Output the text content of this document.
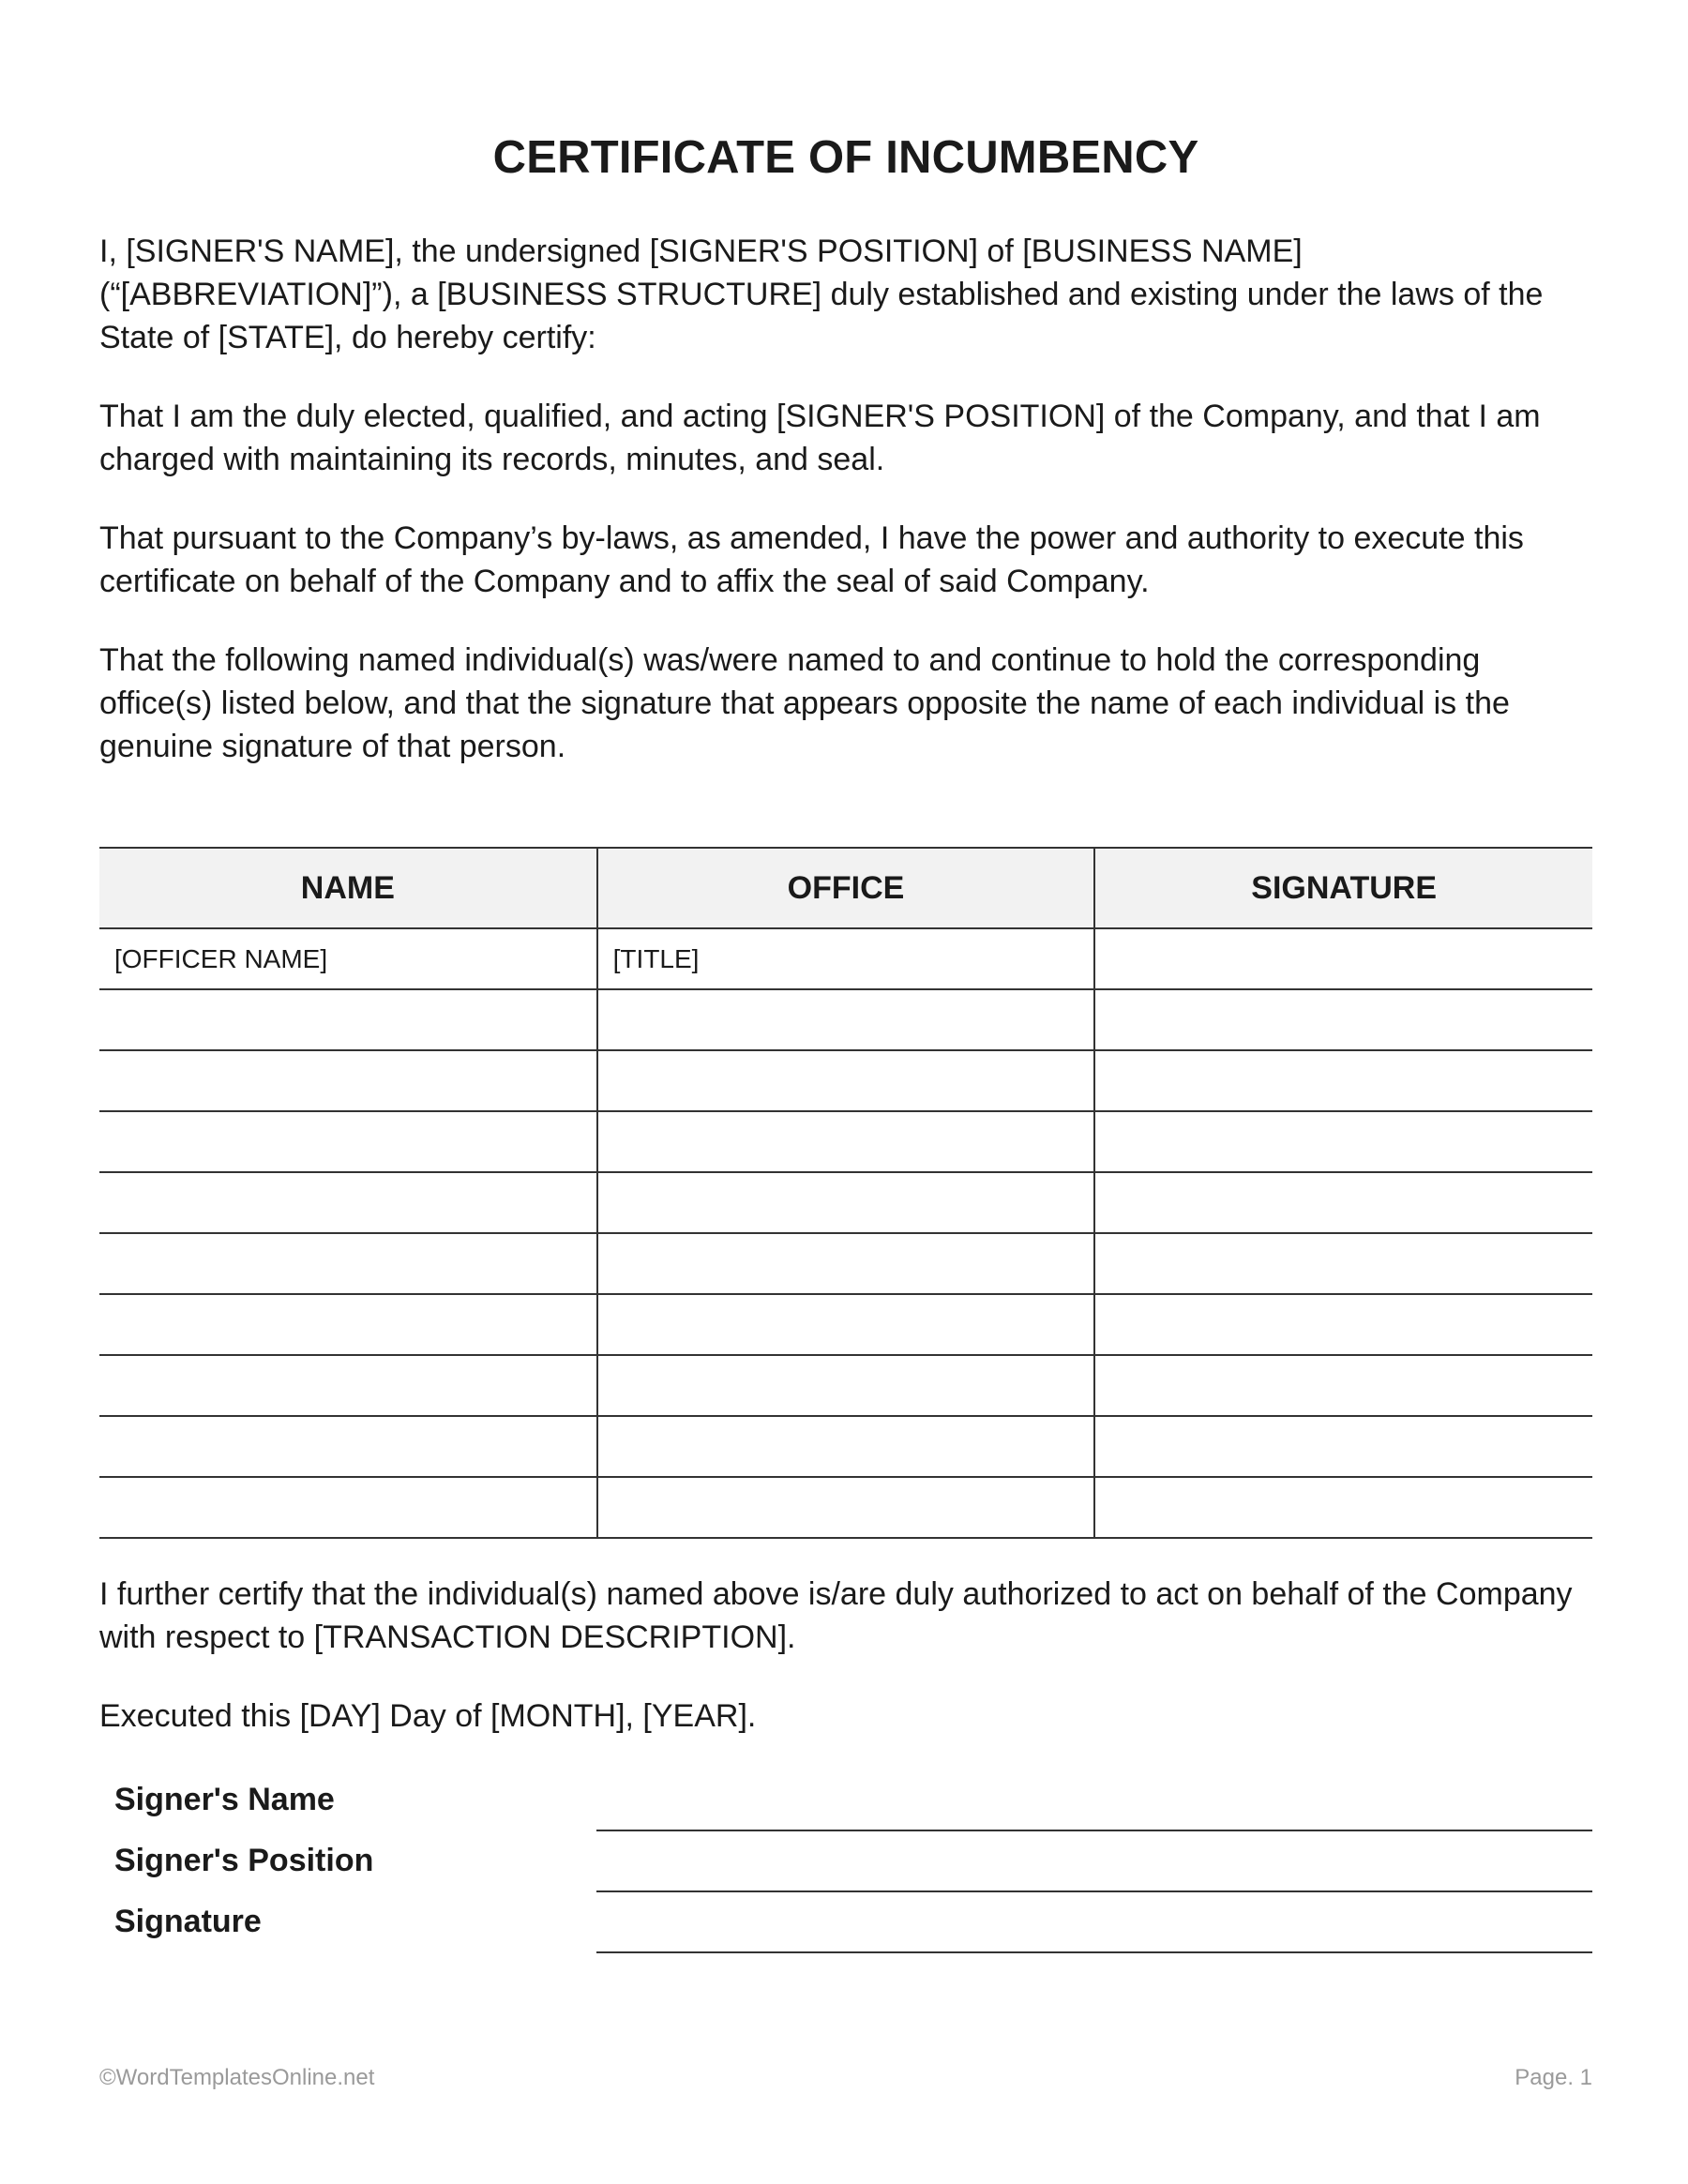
CERTIFICATE OF INCUMBENCY
I, [SIGNER'S NAME], the undersigned [SIGNER'S POSITION] of [BUSINESS NAME] (“[ABBREVIATION]”), a [BUSINESS STRUCTURE] duly established and existing under the laws of the State of [STATE], do hereby certify:
That I am the duly elected, qualified, and acting [SIGNER'S POSITION] of the Company, and that I am charged with maintaining its records, minutes, and seal.
That pursuant to the Company’s by-laws, as amended, I have the power and authority to execute this certificate on behalf of the Company and to affix the seal of said Company.
That the following named individual(s) was/were named to and continue to hold the corresponding office(s) listed below, and that the signature that appears opposite the name of each individual is the genuine signature of that person.
NAME	OFFICE	SIGNATURE
[OFFICER NAME]	[TITLE]	

I further certify that the individual(s) named above is/are duly authorized to act on behalf of the Company with respect to [TRANSACTION DESCRIPTION].
Executed this [DAY] Day of [MONTH], [YEAR].
Signer's Name
Signer's Position
Signature
©WordTemplatesOnline.net	Page. 1
